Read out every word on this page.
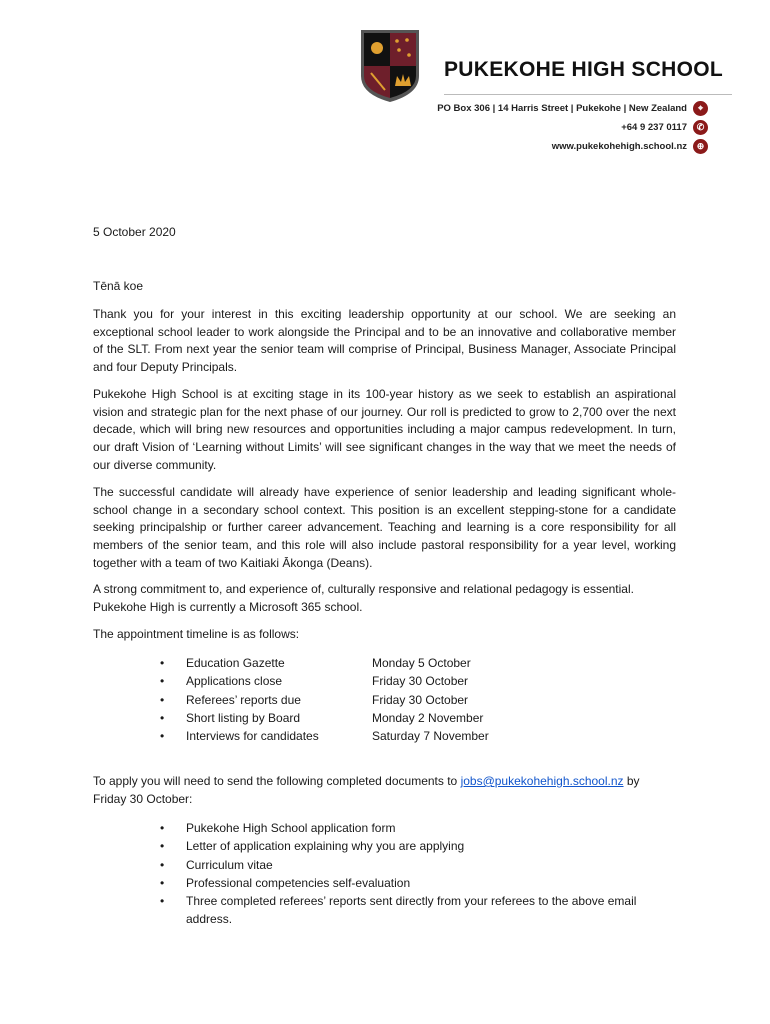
PUKEKOHE HIGH SCHOOL
PO Box 306 | 14 Harris Street | Pukekohe | New Zealand	⌖
+64 9 237 0117	✆
www.pukekohehigh.school.nz	⊕
5 October 2020
Tēnā koe
Thank you for your interest in this exciting leadership opportunity at our school. We are seeking an exceptional school leader to work alongside the Principal and to be an innovative and collaborative member of the SLT. From next year the senior team will comprise of Principal, Business Manager, Associate Principal and four Deputy Principals.
Pukekohe High School is at exciting stage in its 100-year history as we seek to establish an aspirational vision and strategic plan for the next phase of our journey. Our roll is predicted to grow to 2,700 over the next decade, which will bring new resources and opportunities including a major campus redevelopment. In turn, our draft Vision of ‘Learning without Limits’ will see significant changes in the way that we meet the needs of our diverse community.
The successful candidate will already have experience of senior leadership and leading significant whole-school change in a secondary school context. This position is an excellent stepping-stone for a candidate seeking principalship or further career advancement. Teaching and learning is a core responsibility for all members of the senior team, and this role will also include pastoral responsibility for a year level, working together with a team of two Kaitiaki Ākonga (Deans).
A strong commitment to, and experience of, culturally responsive and relational pedagogy is essential. Pukekohe High is currently a Microsoft 365 school.
The appointment timeline is as follows:
•	Education Gazette	Monday 5 October
•	Applications close	Friday 30 October
•	Referees’ reports due	Friday 30 October
•	Short listing by Board	Monday 2 November
•	Interviews for candidates	Saturday 7 November
To apply you will need to send the following completed documents to jobs@pukekohehigh.school.nz by Friday 30 October:
•	Pukekohe High School application form
•	Letter of application explaining why you are applying
•	Curriculum vitae
•	Professional competencies self-evaluation
•	Three completed referees’ reports sent directly from your referees to the above email address.
